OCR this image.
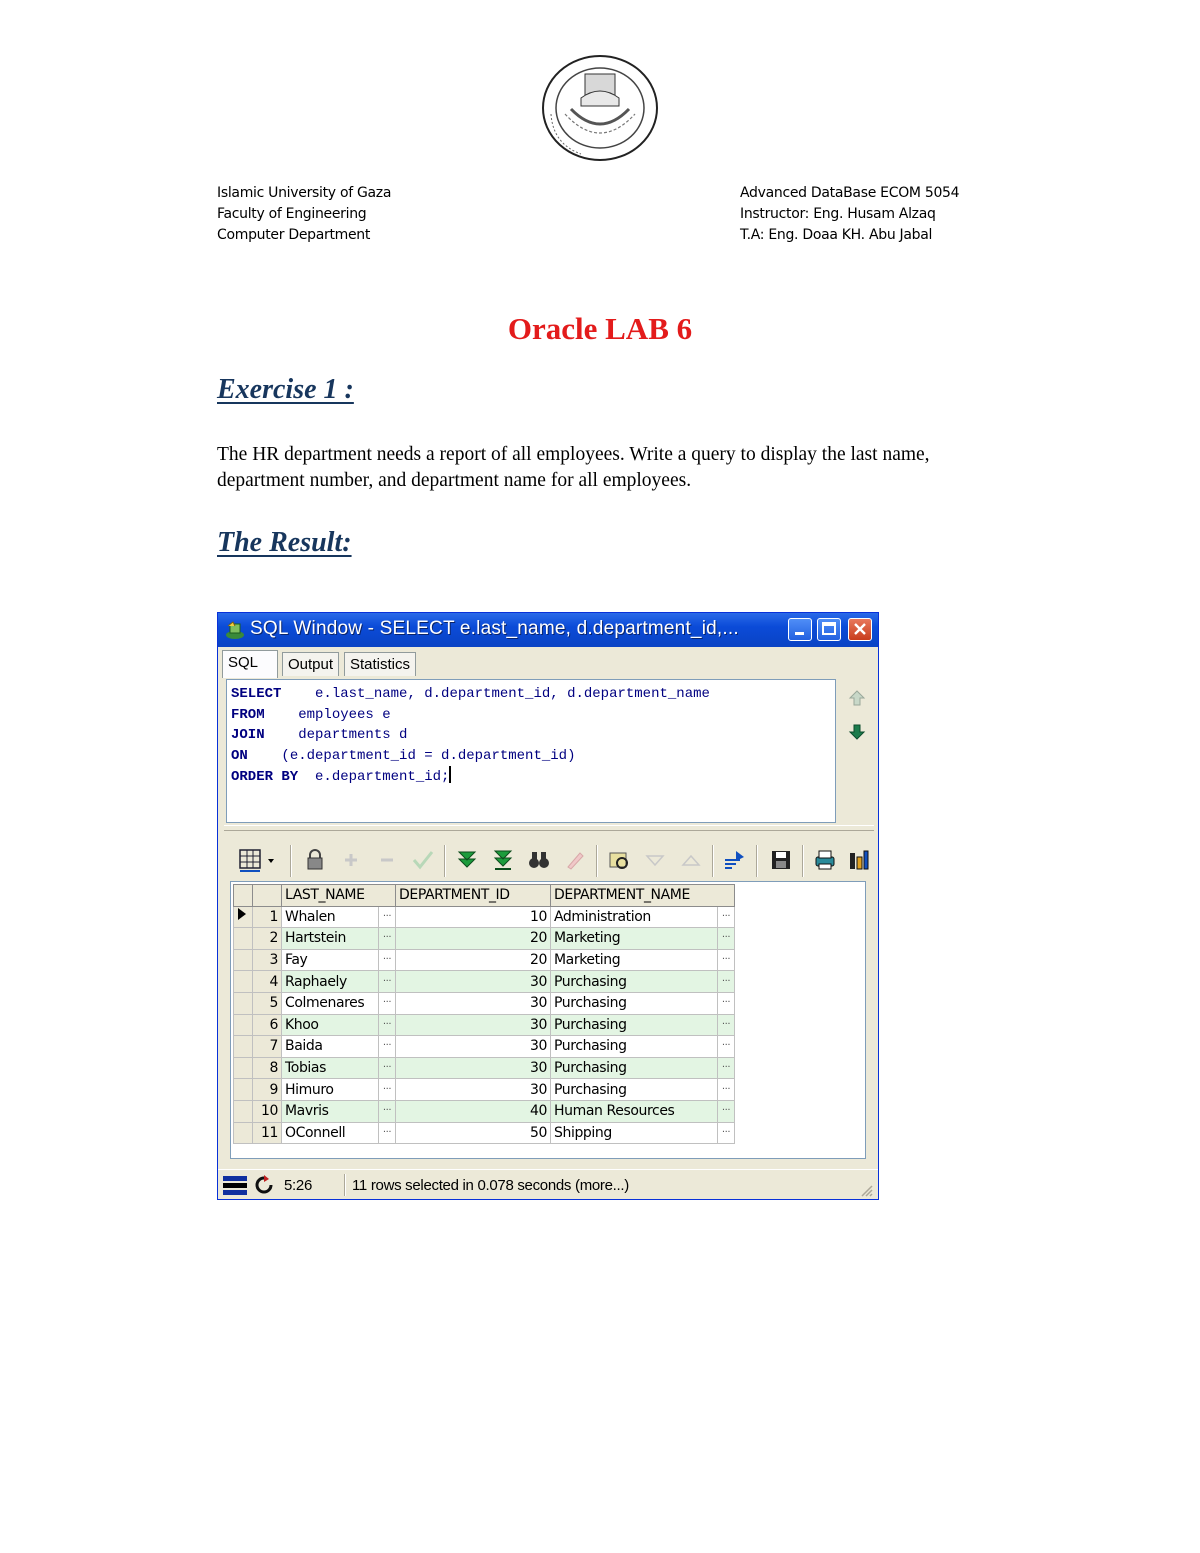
Islamic University of Gaza
Faculty of Engineering
Computer Department
Advanced DataBase ECOM 5054
Instructor: Eng. Husam Alzaq
T.A: Eng. Doaa KH. Abu Jabal
Oracle LAB 6
Exercise 1 :
The HR department needs a report of all employees. Write a query to display the last name, department number, and department name for all employees.
The Result:
SQL Window - SELECT e.last_name, d.department_id,...
SQL	Output	Statistics
SELECT    e.last_name, d.department_id, d.department_name
FROM    employees e
JOIN    departments d
ON    (e.department_id = d.department_id)
ORDER BY  e.department_id;
		LAST_NAME		DEPARTMENT_ID	DEPARTMENT_NAME	
	1	Whalen	···	10	Administration	···
	2	Hartstein	···	20	Marketing	···
	3	Fay	···	20	Marketing	···
	4	Raphaely	···	30	Purchasing	···
	5	Colmenares	···	30	Purchasing	···
	6	Khoo	···	30	Purchasing	···
	7	Baida	···	30	Purchasing	···
	8	Tobias	···	30	Purchasing	···
	9	Himuro	···	30	Purchasing	···
	10	Mavris	···	40	Human Resources	···
	11	OConnell	···	50	Shipping	···
5:26	11 rows selected in 0.078 seconds (more...)
